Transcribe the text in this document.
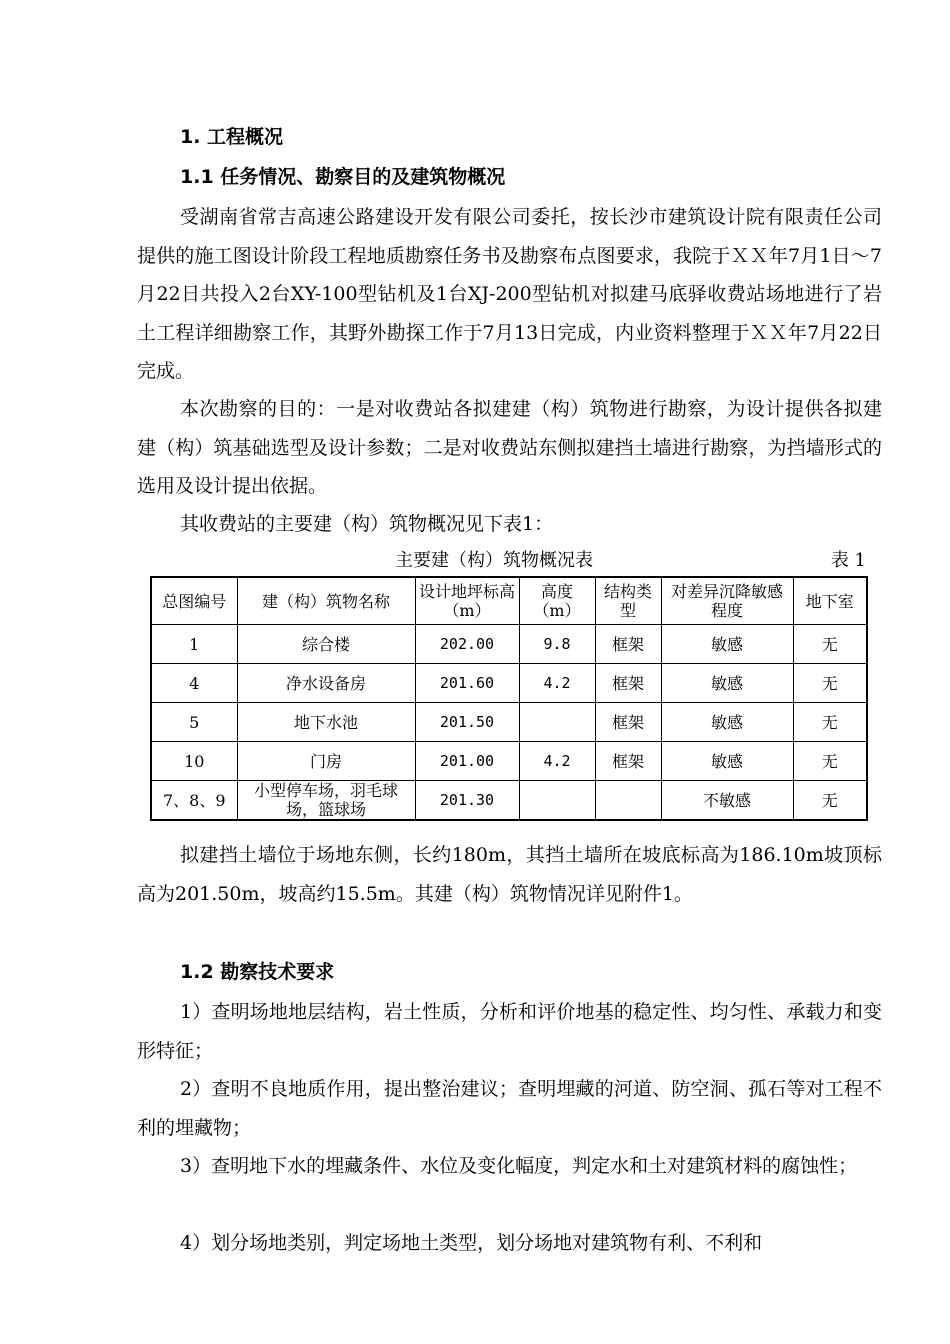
1. 工程概况
1.1 任务情况、勘察目的及建筑物概况

受湖南省常吉高速公路建设开发有限公司委托，按长沙市建筑设计院有限责任公司提供的施工图设计阶段工程地质勘察任务书及勘察布点图要求，我院于ＸＸ年7月1日～7月22日共投入2台XY-100型钻机及1台XJ-200型钻机对拟建马底驿收费站场地进行了岩土工程详细勘察工作，其野外勘探工作于7月13日完成，内业资料整理于ＸＸ年7月22日完成。

本次勘察的目的：一是对收费站各拟建建（构）筑物进行勘察，为设计提供各拟建建（构）筑基础选型及设计参数；二是对收费站东侧拟建挡土墙进行勘察，为挡墙形式的选用及设计提出依据。

其收费站的主要建（构）筑物概况见下表1：

主要建（构）筑物概况表	表 1
总图编号	建（构）筑物名称	设计地坪标高（m）	高度（m）	结构类型	对差异沉降敏感程度	地下室
1	综合楼	202.00	9.8	框架	敏感	无
4	净水设备房	201.60	4.2	框架	敏感	无
5	地下水池	201.50		框架	敏感	无
10	门房	201.00	4.2	框架	敏感	无
7、8、9	小型停车场，羽毛球场，篮球场	201.30			不敏感	无

拟建挡土墙位于场地东侧，长约180m，其挡土墙所在坡底标高为186.10m坡顶标高为201.50m，坡高约15.5m。其建（构）筑物情况详见附件1。

1.2 勘察技术要求

1）查明场地地层结构，岩土性质，分析和评价地基的稳定性、均匀性、承载力和变形特征；

2）查明不良地质作用，提出整治建议；查明埋藏的河道、防空洞、孤石等对工程不利的埋藏物；

3）查明地下水的埋藏条件、水位及变化幅度，判定水和土对建筑材料的腐蚀性；

4）划分场地类别，判定场地土类型，划分场地对建筑物有利、不利和
